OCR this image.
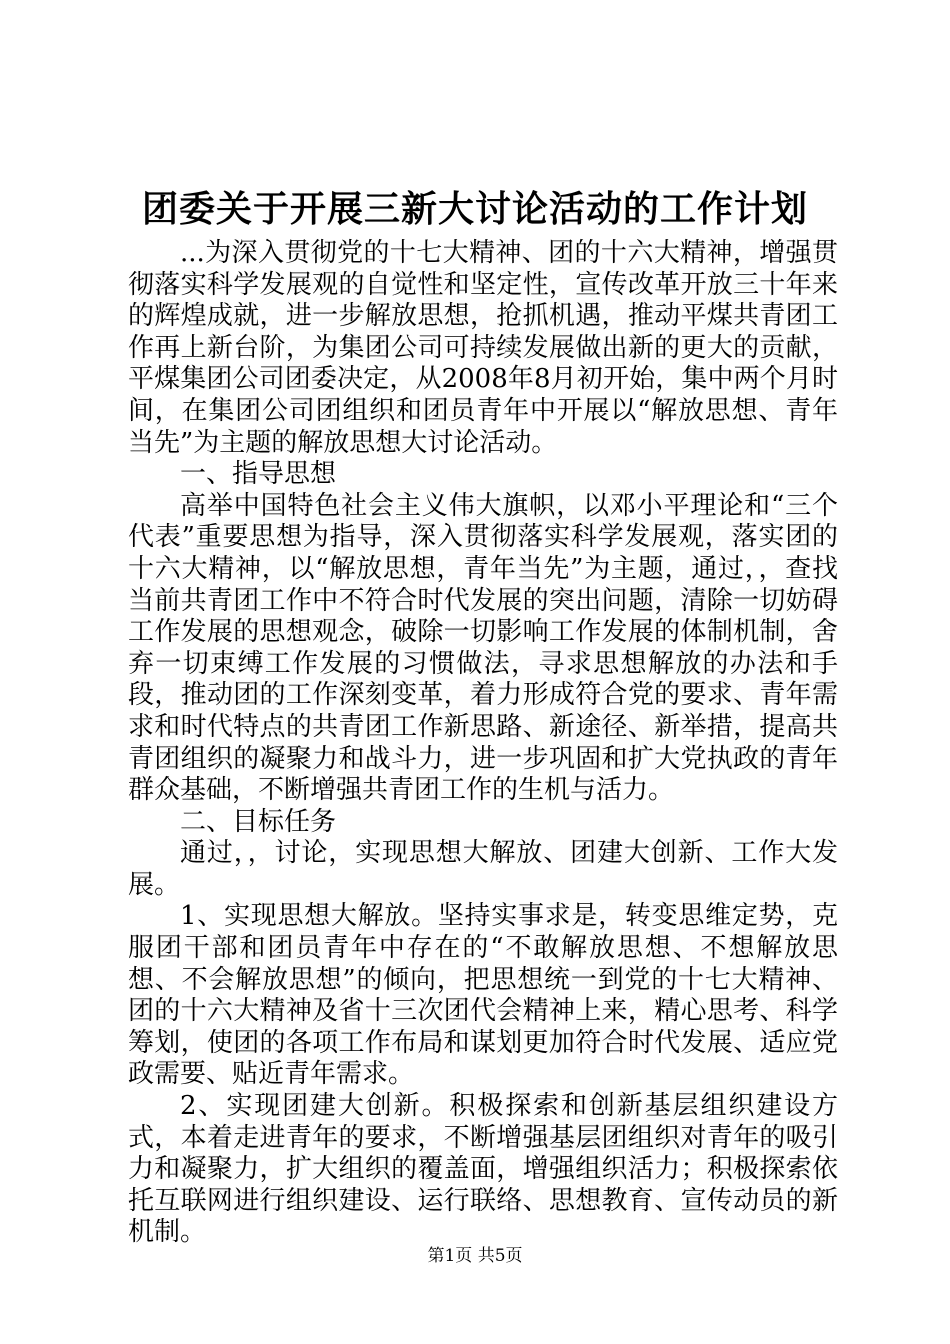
团委关于开展三新大讨论活动的工作计划

...为深入贯彻党的十七大精神、团的十六大精神，增强贯彻落实科学发展观的自觉性和坚定性，宣传改革开放三十年来的辉煌成就，进一步解放思想，抢抓机遇，推动平煤共青团工作再上新台阶，为集团公司可持续发展做出新的更大的贡献，平煤集团公司团委决定，从2008年8月初开始，集中两个月时间，在集团公司团组织和团员青年中开展以“解放思想、青年当先”为主题的解放思想大讨论活动。

一、指导思想

高举中国特色社会主义伟大旗帜，以邓小平理论和“三个代表”重要思想为指导，深入贯彻落实科学发展观，落实团的十六大精神，以“解放思想，青年当先”为主题，通过，，查找当前共青团工作中不符合时代发展的突出问题，清除一切妨碍工作发展的思想观念，破除一切影响工作发展的体制机制，舍弃一切束缚工作发展的习惯做法，寻求思想解放的办法和手段，推动团的工作深刻变革，着力形成符合党的要求、青年需求和时代特点的共青团工作新思路、新途径、新举措，提高共青团组织的凝聚力和战斗力，进一步巩固和扩大党执政的青年群众基础，不断增强共青团工作的生机与活力。

二、目标任务

通过，，讨论，实现思想大解放、团建大创新、工作大发展。

1、实现思想大解放。坚持实事求是，转变思维定势，克服团干部和团员青年中存在的“不敢解放思想、不想解放思想、不会解放思想”的倾向，把思想统一到党的十七大精神、团的十六大精神及省十三次团代会精神上来，精心思考、科学筹划，使团的各项工作布局和谋划更加符合时代发展、适应党政需要、贴近青年需求。

2、实现团建大创新。积极探索和创新基层组织建设方式，本着走进青年的要求，不断增强基层团组织对青年的吸引力和凝聚力，扩大组织的覆盖面，增强组织活力；积极探索依托互联网进行组织建设、运行联络、思想教育、宣传动员的新机制。

第1页 共5页
